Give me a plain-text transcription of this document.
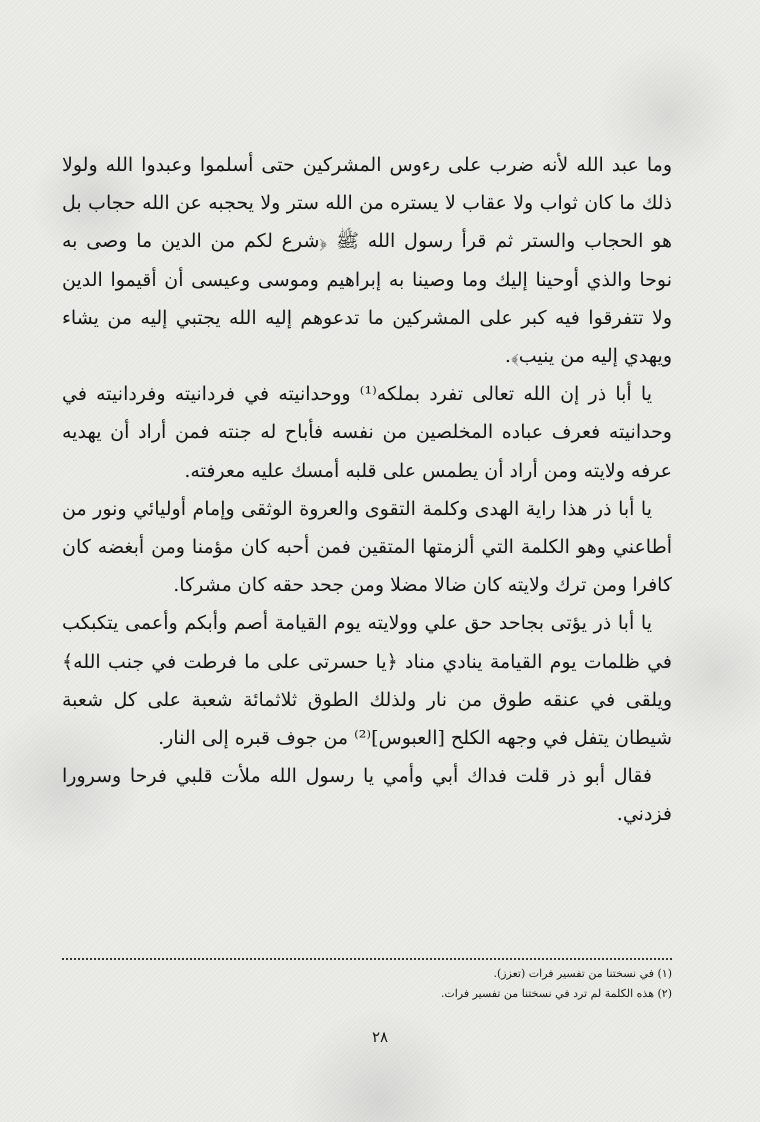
وما عبد الله لأنه ضرب على رءوس المشركين حتى أسلموا وعبدوا الله ولولا ذلك ما كان ثواب ولا عقاب لا يستره من الله ستر ولا يحجبه عن الله حجاب بل هو الحجاب والستر ثم قرأ رسول الله ﷺ ﴿شرع لكم من الدين ما وصى به نوحا والذي أوحينا إليك وما وصينا به إبراهيم وموسى وعيسى أن أقيموا الدين ولا تتفرقوا فيه كبر على المشركين ما تدعوهم إليه الله يجتبي إليه من يشاء ويهدي إليه من ينيب﴾.

يا أبا ذر إن الله تعالى تفرد بملكه⁽¹⁾ ووحدانيته في فردانيته وفردانيته في وحدانيته فعرف عباده المخلصين من نفسه فأباح له جنته فمن أراد أن يهديه عرفه ولايته ومن أراد أن يطمس على قلبه أمسك عليه معرفته.

يا أبا ذر هذا راية الهدى وكلمة التقوى والعروة الوثقى وإمام أوليائي ونور من أطاعني وهو الكلمة التي ألزمتها المتقين فمن أحبه كان مؤمنا ومن أبغضه كان كافرا ومن ترك ولايته كان ضالا مضلا ومن جحد حقه كان مشركا.

يا أبا ذر يؤتى بجاحد حق علي وولايته يوم القيامة أصم وأبكم وأعمى يتكبكب في ظلمات يوم القيامة ينادي مناد ﴿يا حسرتى على ما فرطت في جنب الله﴾ ويلقى في عنقه طوق من نار ولذلك الطوق ثلاثمائة شعبة على كل شعبة شيطان يتفل في وجهه الكلح [العبوس]⁽²⁾ من جوف قبره إلى النار.

فقال أبو ذر قلت فداك أبي وأمي يا رسول الله ملأت قلبي فرحا وسرورا فزدني.

(١) في نسختنا من تفسير فرات (تعزز).
(٢) هذه الكلمة لم ترد في نسختنا من تفسير فرات.
٢٨
